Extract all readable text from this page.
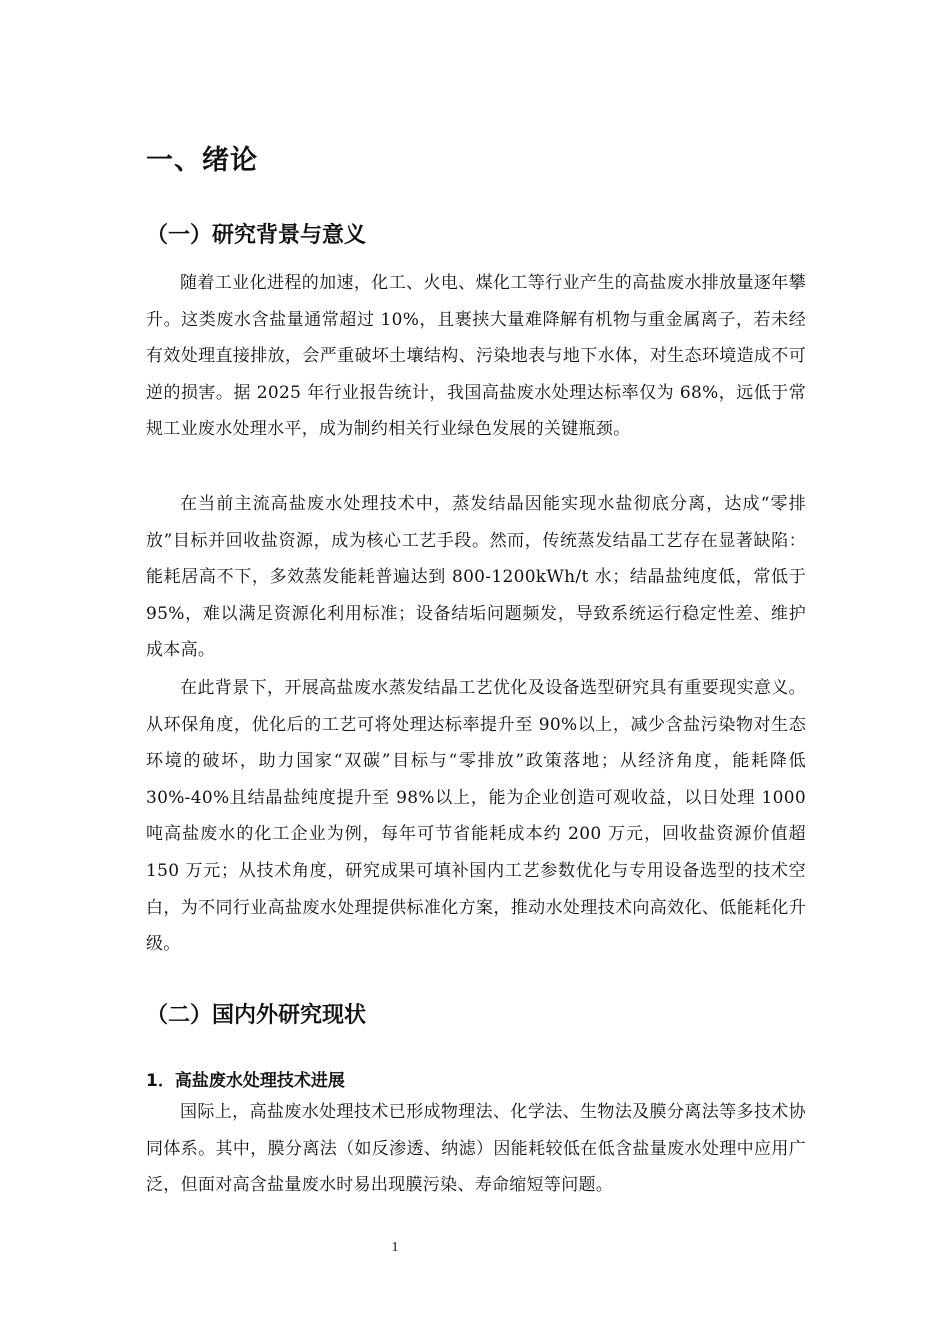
一、绪论
（一）研究背景与意义

随着工业化进程的加速，化工、火电、煤化工等行业产生的高盐废水排放量逐年攀升。这类废水含盐量通常超过 10%，且裹挟大量难降解有机物与重金属离子，若未经有效处理直接排放，会严重破坏土壤结构、污染地表与地下水体，对生态环境造成不可逆的损害。据 2025 年行业报告统计，我国高盐废水处理达标率仅为 68%，远低于常规工业废水处理水平，成为制约相关行业绿色发展的关键瓶颈。

在当前主流高盐废水处理技术中，蒸发结晶因能实现水盐彻底分离，达成“零排放”目标并回收盐资源，成为核心工艺手段。然而，传统蒸发结晶工艺存在显著缺陷：能耗居高不下，多效蒸发能耗普遍达到 800-1200kWh/t 水；结晶盐纯度低，常低于 95%，难以满足资源化利用标准；设备结垢问题频发，导致系统运行稳定性差、维护成本高。

在此背景下，开展高盐废水蒸发结晶工艺优化及设备选型研究具有重要现实意义。从环保角度，优化后的工艺可将处理达标率提升至 90%以上，减少含盐污染物对生态环境的破坏，助力国家“双碳”目标与“零排放”政策落地；从经济角度，能耗降低 30%-40%且结晶盐纯度提升至 98%以上，能为企业创造可观收益，以日处理 1000 吨高盐废水的化工企业为例，每年可节省能耗成本约 200 万元，回收盐资源价值超 150 万元；从技术角度，研究成果可填补国内工艺参数优化与专用设备选型的技术空白，为不同行业高盐废水处理提供标准化方案，推动水处理技术向高效化、低能耗化升级。

（二）国内外研究现状
1．高盐废水处理技术进展

国际上，高盐废水处理技术已形成物理法、化学法、生物法及膜分离法等多技术协同体系。其中，膜分离法（如反渗透、纳滤）因能耗较低在低含盐量废水处理中应用广泛，但面对高含盐量废水时易出现膜污染、寿命缩短等问题。

1
